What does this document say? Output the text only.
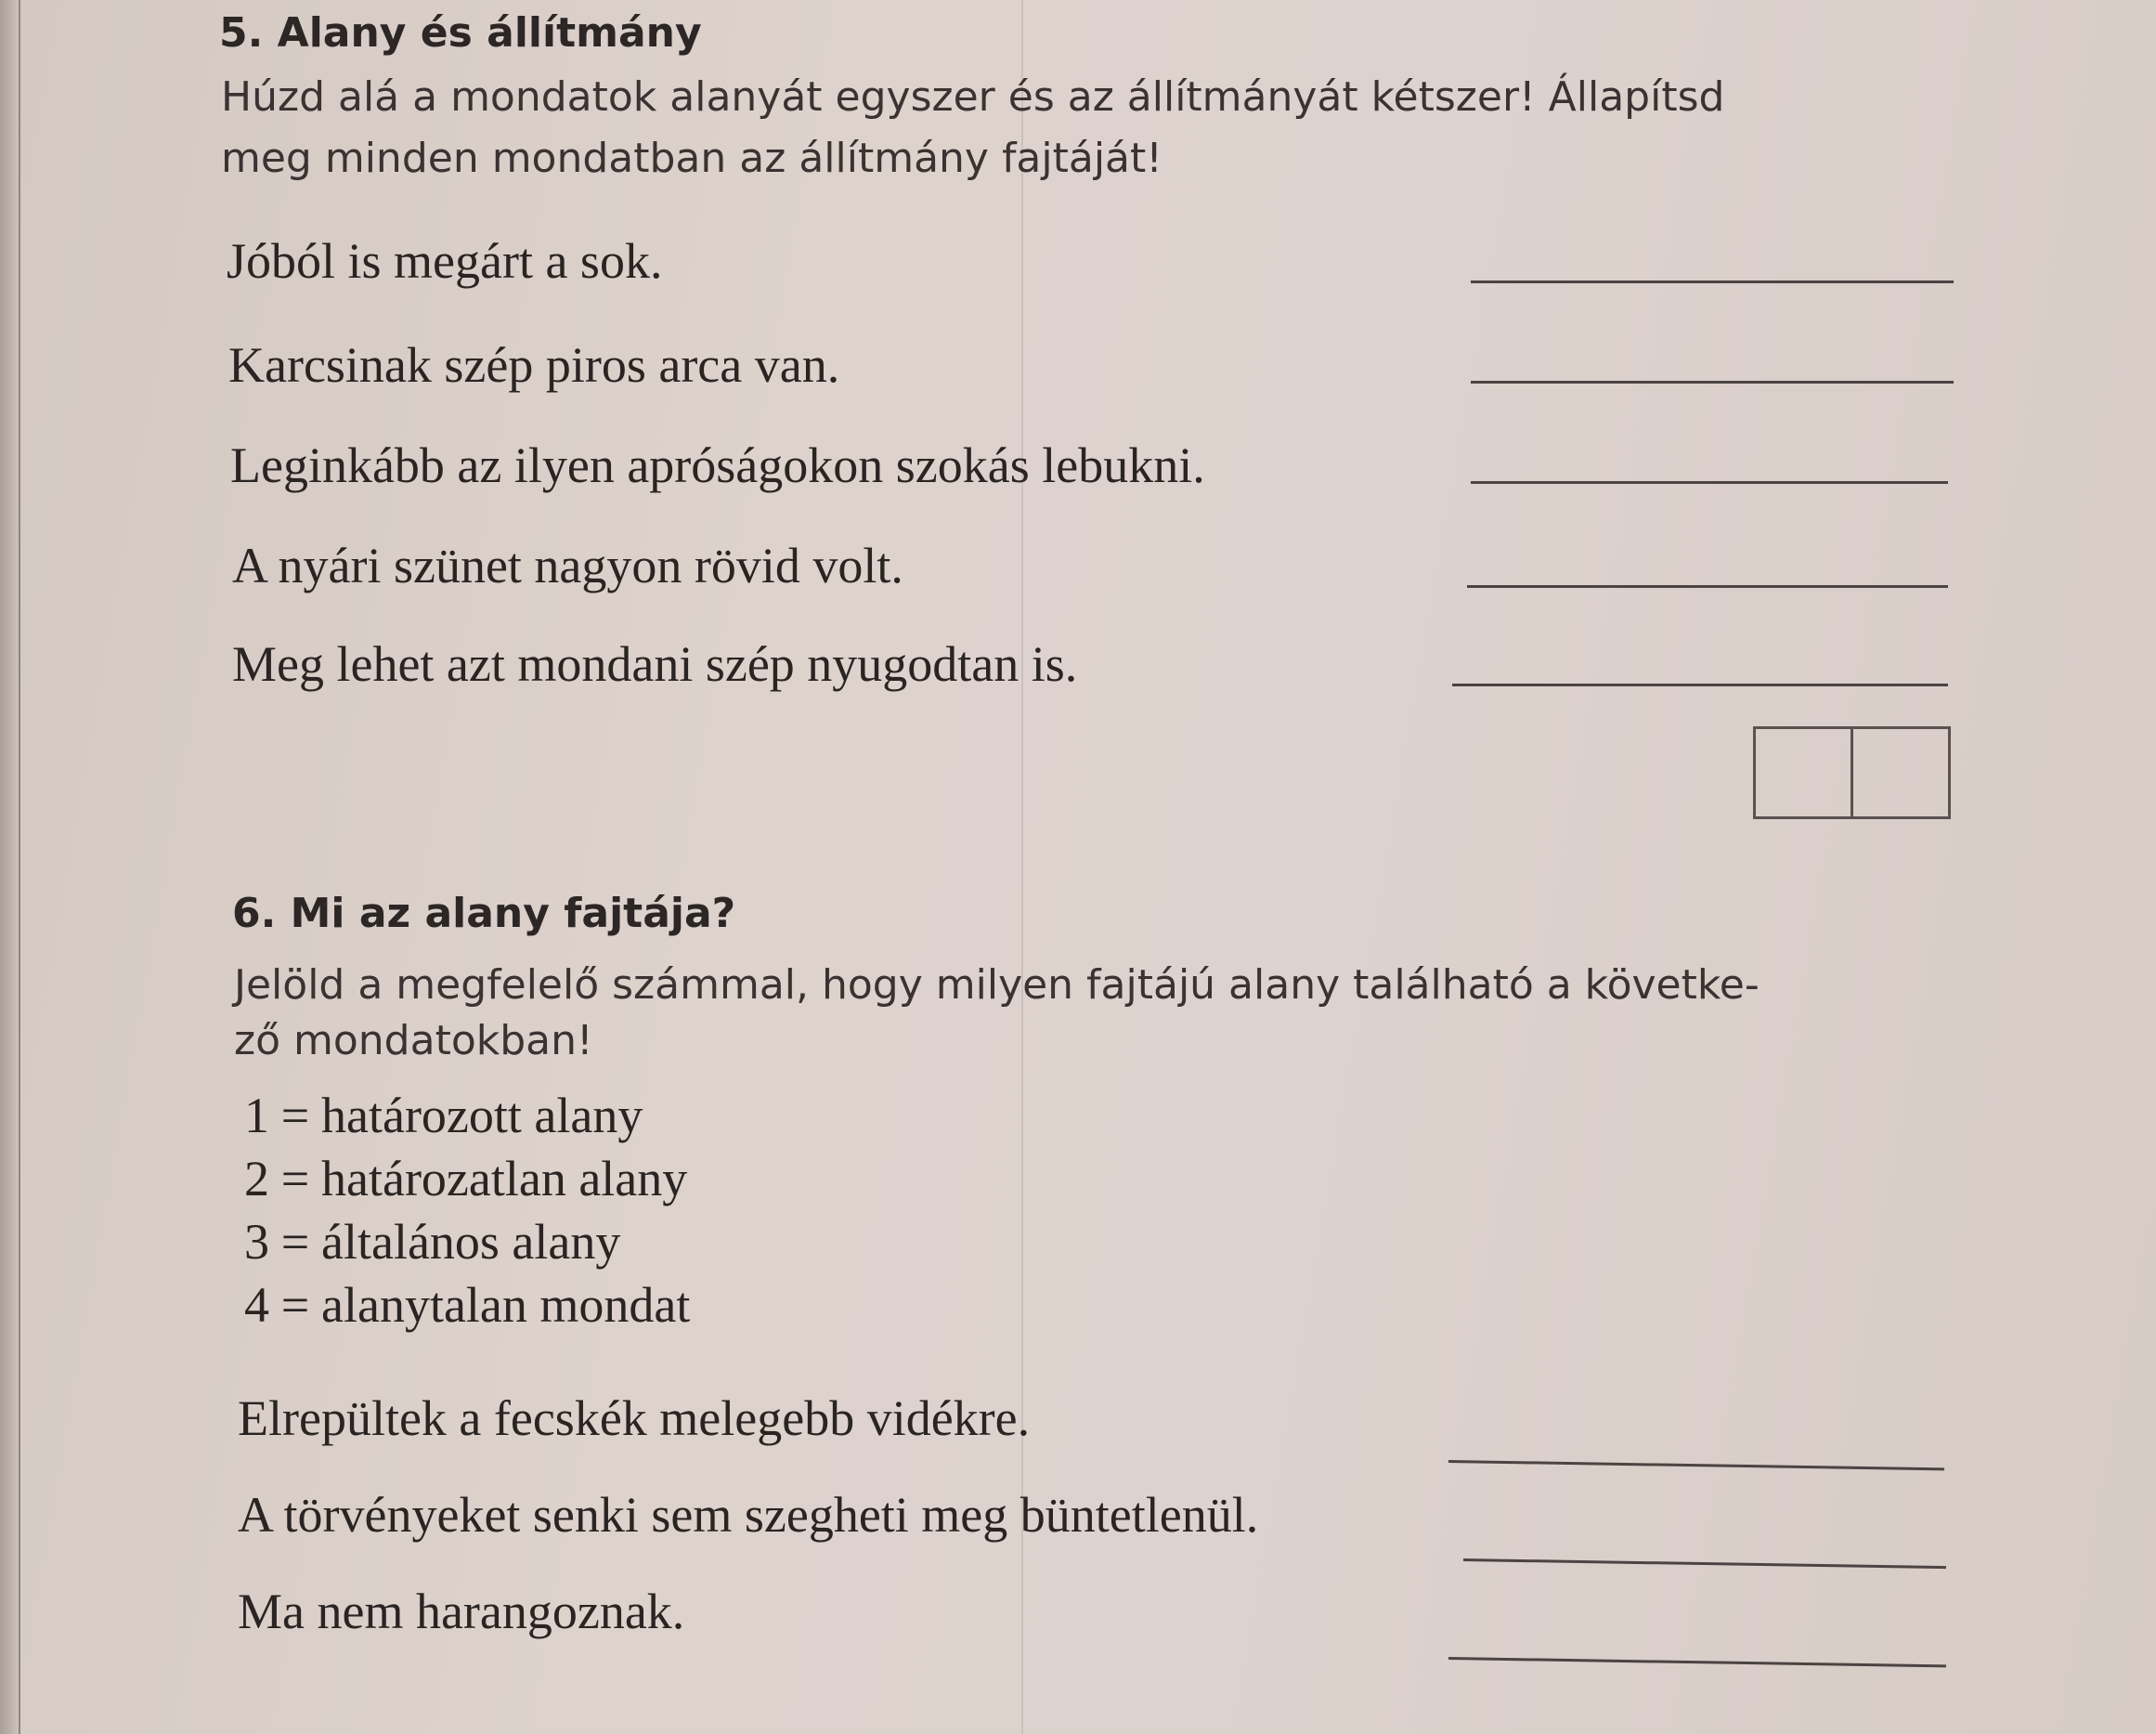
5. Alany és állítmány
Húzd alá a mondatok alanyát egyszer és az állítmányát kétszer! Állapítsd
meg minden mondatban az állítmány fajtáját!
Jóból is megárt a sok.
Karcsinak szép piros arca van.
Leginkább az ilyen apróságokon szokás lebukni.
A nyári szünet nagyon rövid volt.
Meg lehet azt mondani szép nyugodtan is.
6. Mi az alany fajtája?
Jelöld a megfelelő számmal, hogy milyen fajtájú alany található a követke-
ző mondatokban!
1 = határozott alany
2 = határozatlan alany
3 = általános alany
4 = alanytalan mondat
Elrepültek a fecskék melegebb vidékre.
A törvényeket senki sem szegheti meg büntetlenül.
Ma nem harangoznak.
